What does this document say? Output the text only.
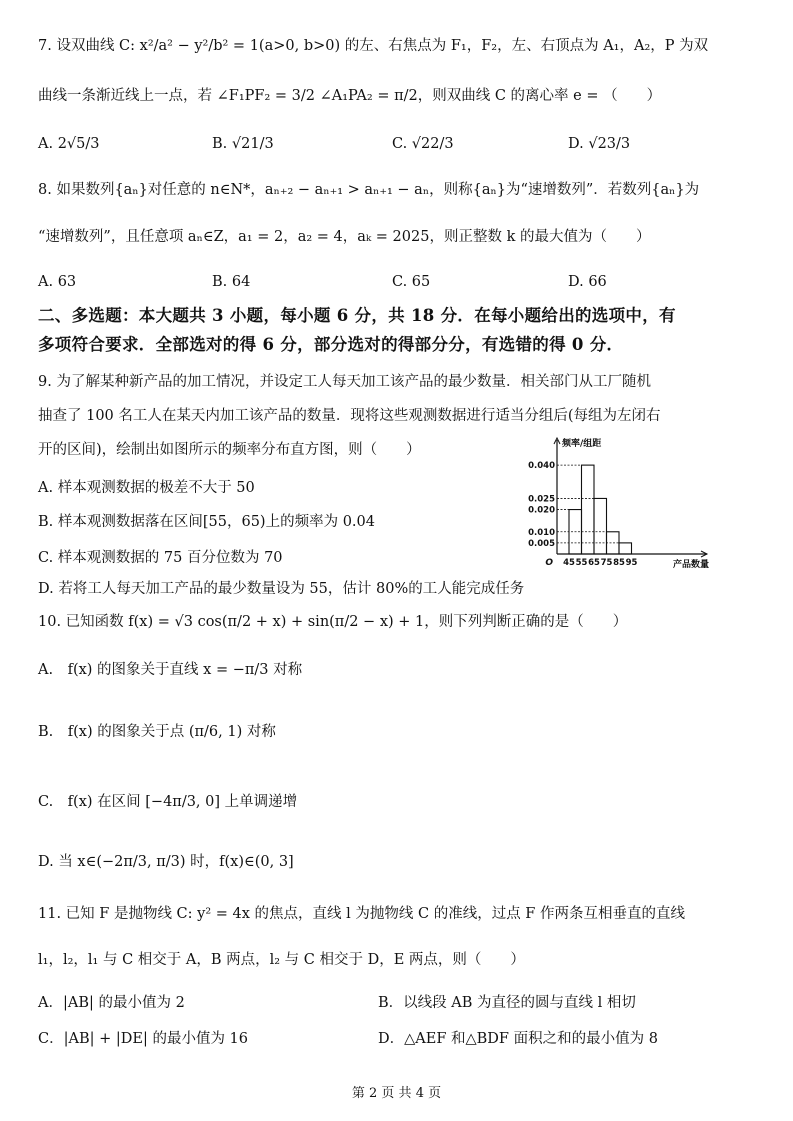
7. 设双曲线 C: x²/a² − y²/b² = 1(a>0, b>0) 的左、右焦点为 F₁，F₂，左、右顶点为 A₁，A₂，P 为双
曲线一条渐近线上一点，若 ∠F₁PF₂ = 3/2 ∠A₁PA₂ = π/2，则双曲线 C 的离心率 e = （　　）
A. 2√5/3	B. √21/3	C. √22/3	D. √23/3
8. 如果数列{aₙ}对任意的 n∈N*，aₙ₊₂ − aₙ₊₁ > aₙ₊₁ − aₙ，则称{aₙ}为“速增数列”．若数列{aₙ}为
“速增数列”，且任意项 aₙ∈Z，a₁ = 2，a₂ = 4，aₖ = 2025，则正整数 k 的最大值为（　　）
A. 63	B. 64	C. 65	D. 66
二、多选题：本大题共 3 小题，每小题 6 分，共 18 分．在每小题给出的选项中，有
多项符合要求．全部选对的得 6 分，部分选对的得部分分，有选错的得 0 分．
9. 为了解某种新产品的加工情况，并设定工人每天加工该产品的最少数量．相关部门从工厂随机
抽查了 100 名工人在某天内加工该产品的数量．现将这些观测数据进行适当分组后(每组为左闭右
开的区间)，绘制出如图所示的频率分布直方图，则（　　）
A. 样本观测数据的极差不大于 50
B. 样本观测数据落在区间[55，65)上的频率为 0.04
C. 样本观测数据的 75 百分位数为 70
D. 若将工人每天加工产品的最少数量设为 55，估计 80%的工人能完成任务
0.040
0.025
0.020
0.010
0.005
45 55 65 75 85 95
O
频率/组距
产品数量
10. 已知函数 f(x) = √3 cos(π/2 + x) + sin(π/2 − x) + 1，则下列判断正确的是（　　）
A.　f(x) 的图象关于直线 x = −π/3 对称
B.　f(x) 的图象关于点 (π/6, 1) 对称
C.　f(x) 在区间 [−4π/3, 0] 上单调递增
D. 当 x∈(−2π/3, π/3) 时，f(x)∈(0, 3]
11. 已知 F 是抛物线 C: y² = 4x 的焦点，直线 l 为抛物线 C 的准线，过点 F 作两条互相垂直的直线
l₁，l₂，l₁ 与 C 相交于 A，B 两点，l₂ 与 C 相交于 D，E 两点，则（　　）
A．|AB| 的最小值为 2	B．以线段 AB 为直径的圆与直线 l 相切
C．|AB| + |DE| 的最小值为 16	D．△AEF 和△BDF 面积之和的最小值为 8
第 2 页 共 4 页
